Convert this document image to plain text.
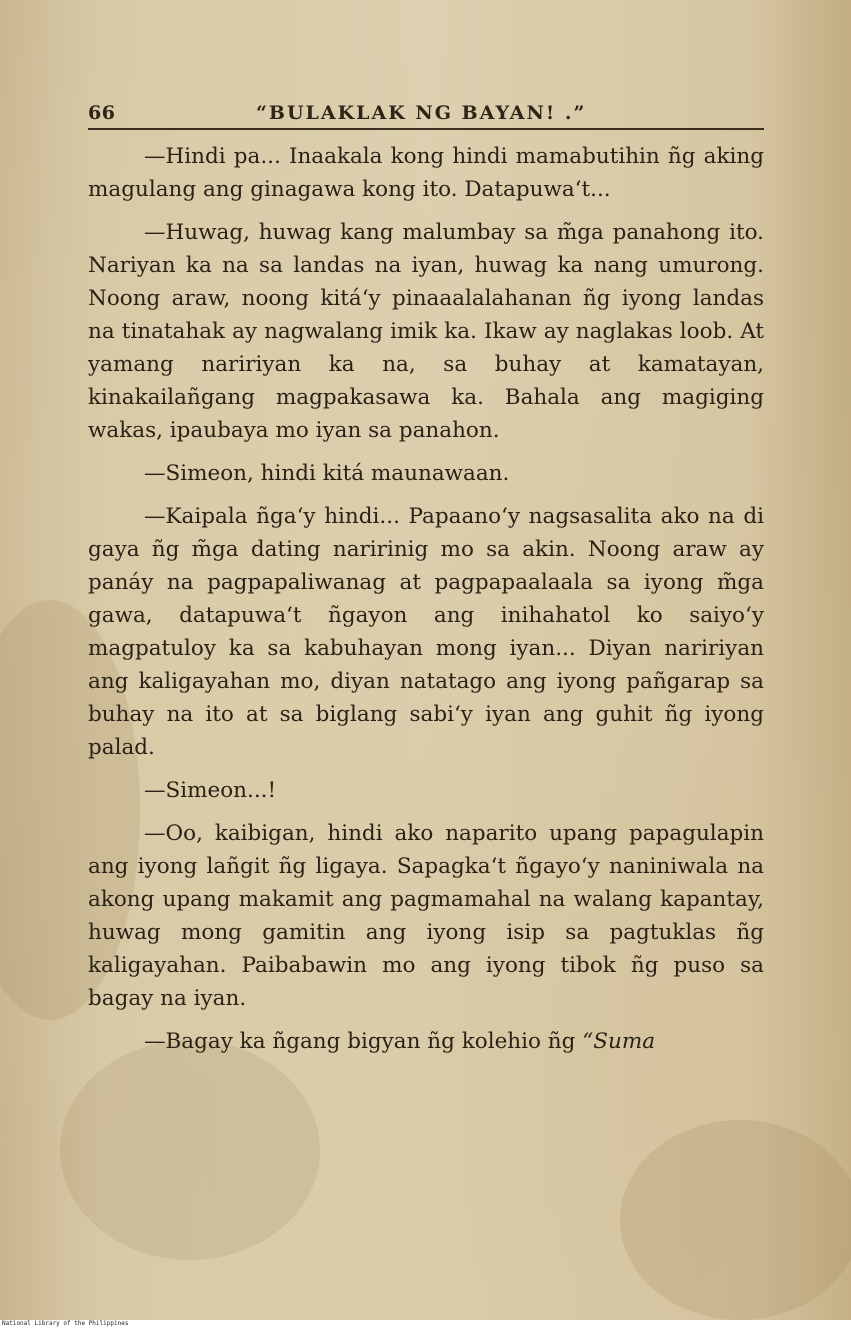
66	“BULAKLAK NG BAYAN! .”

—Hindi pa... Inaakala kong hindi mamabutihin ñg aking magulang ang ginagawa kong ito. Datapuwa‘t...

—Huwag, huwag kang malumbay sa m̃ga panahong ito. Nariyan ka na sa landas na iyan, huwag ka nang umurong. Noong araw, noong kitá‘y pinaaalalahanan ñg iyong landas na tinatahak ay nagwalang imik ka. Ikaw ay naglakas loob. At yamang naririyan ka na, sa buhay at kamatayan, kinakailañgang magpakasawa ka. Bahala ang magiging wakas, ipaubaya mo iyan sa panahon.

—Simeon, hindi kitá maunawaan.

—Kaipala ñga‘y hindi... Papaano‘y nagsasalita ako na di gaya ñg m̃ga dating naririnig mo sa akin. Noong araw ay panáy na pagpapaliwanag at pagpapaalaala sa iyong m̃ga gawa, datapuwa‘t ñgayon ang inihahatol ko saiyo‘y magpatuloy ka sa kabuhayan mong iyan... Diyan naririyan ang kaligayahan mo, diyan natatago ang iyong pañgarap sa buhay na ito at sa biglang sabi‘y iyan ang guhit ñg iyong palad.

—Simeon...!

—Oo, kaibigan, hindi ako naparito upang papagulapin ang iyong lañgit ñg ligaya. Sapagka‘t ñgayo‘y naniniwala na akong upang makamit ang pagmamahal na walang kapantay, huwag mong gamitin ang iyong isip sa pagtuklas ñg kaligayahan. Paibabawin mo ang iyong tibok ñg puso sa bagay na iyan.

—Bagay ka ñgang bigyan ñg kolehio ñg “Suma

National Library of the Philippines
